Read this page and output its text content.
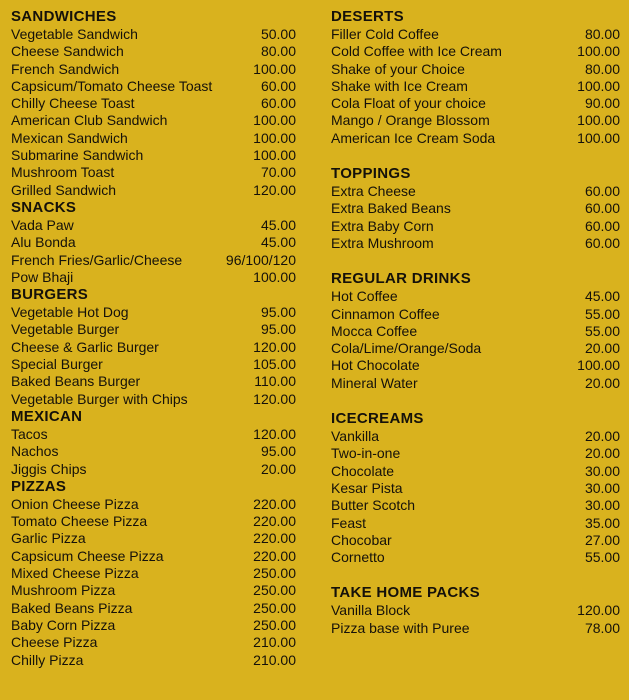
SANDWICHES
Vegetable Sandwich	50.00
Cheese Sandwich	80.00
French Sandwich	100.00
Capsicum/Tomato Cheese Toast	60.00
Chilly Cheese Toast	60.00
American Club Sandwich	100.00
Mexican Sandwich	100.00
Submarine Sandwich	100.00
Mushroom Toast	70.00
Grilled Sandwich	120.00
SNACKS
Vada Paw	45.00
Alu Bonda	45.00
French Fries/Garlic/Cheese	96/100/120
Pow Bhaji	100.00
BURGERS
Vegetable Hot Dog	95.00
Vegetable Burger	95.00
Cheese & Garlic Burger	120.00
Special Burger	105.00
Baked Beans Burger	110.00
Vegetable Burger with Chips	120.00
MEXICAN
Tacos	120.00
Nachos	95.00
Jiggis Chips	20.00
PIZZAS
Onion Cheese Pizza	220.00
Tomato Cheese Pizza	220.00
Garlic Pizza	220.00
Capsicum Cheese Pizza	220.00
Mixed Cheese Pizza	250.00
Mushroom Pizza	250.00
Baked Beans Pizza	250.00
Baby Corn Pizza	250.00
Cheese Pizza	210.00
Chilly Pizza	210.00
DESERTS
Filler Cold Coffee	80.00
Cold Coffee with Ice Cream	100.00
Shake of your Choice	80.00
Shake with Ice Cream	100.00
Cola Float of your choice	90.00
Mango / Orange Blossom	100.00
American Ice Cream Soda	100.00
TOPPINGS
Extra Cheese	60.00
Extra Baked Beans	60.00
Extra Baby Corn	60.00
Extra Mushroom	60.00
REGULAR DRINKS
Hot Coffee	45.00
Cinnamon Coffee	55.00
Mocca Coffee	55.00
Cola/Lime/Orange/Soda	20.00
Hot Chocolate	100.00
Mineral Water	20.00
ICECREAMS
Vankilla	20.00
Two-in-one	20.00
Chocolate	30.00
Kesar Pista	30.00
Butter Scotch	30.00
Feast	35.00
Chocobar	27.00
Cornetto	55.00
TAKE HOME PACKS
Vanilla Block	120.00
Pizza base with Puree	78.00
